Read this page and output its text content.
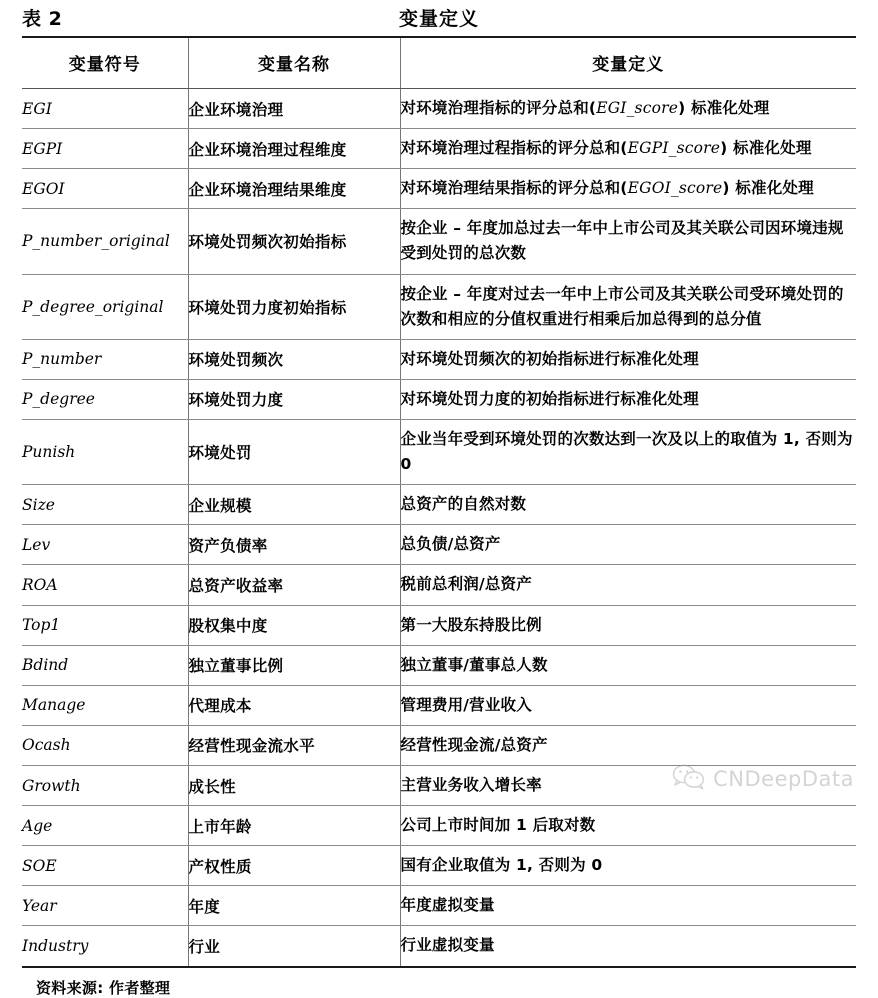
表 2	变量定义
变量符号	变量名称	变量定义
EGI	企业环境治理	对环境治理指标的评分总和(EGI_score) 标准化处理
EGPI	企业环境治理过程维度	对环境治理过程指标的评分总和(EGPI_score) 标准化处理
EGOI	企业环境治理结果维度	对环境治理结果指标的评分总和(EGOI_score) 标准化处理
P_number_original	环境处罚频次初始指标	按企业 – 年度加总过去一年中上市公司及其关联公司因环境违规受到处罚的总次数
P_degree_original	环境处罚力度初始指标	按企业 – 年度对过去一年中上市公司及其关联公司受环境处罚的次数和相应的分值权重进行相乘后加总得到的总分值
P_number	环境处罚频次	对环境处罚频次的初始指标进行标准化处理
P_degree	环境处罚力度	对环境处罚力度的初始指标进行标准化处理
Punish	环境处罚	企业当年受到环境处罚的次数达到一次及以上的取值为 1, 否则为 0
Size	企业规模	总资产的自然对数
Lev	资产负债率	总负债/总资产
ROA	总资产收益率	税前总利润/总资产
Top1	股权集中度	第一大股东持股比例
Bdind	独立董事比例	独立董事/董事总人数
Manage	代理成本	管理费用/营业收入
Ocash	经营性现金流水平	经营性现金流/总资产
Growth	成长性	主营业务收入增长率
Age	上市年龄	公司上市时间加 1 后取对数
SOE	产权性质	国有企业取值为 1, 否则为 0
Year	年度	年度虚拟变量
Industry	行业	行业虚拟变量
资料来源: 作者整理
CNDeepData
